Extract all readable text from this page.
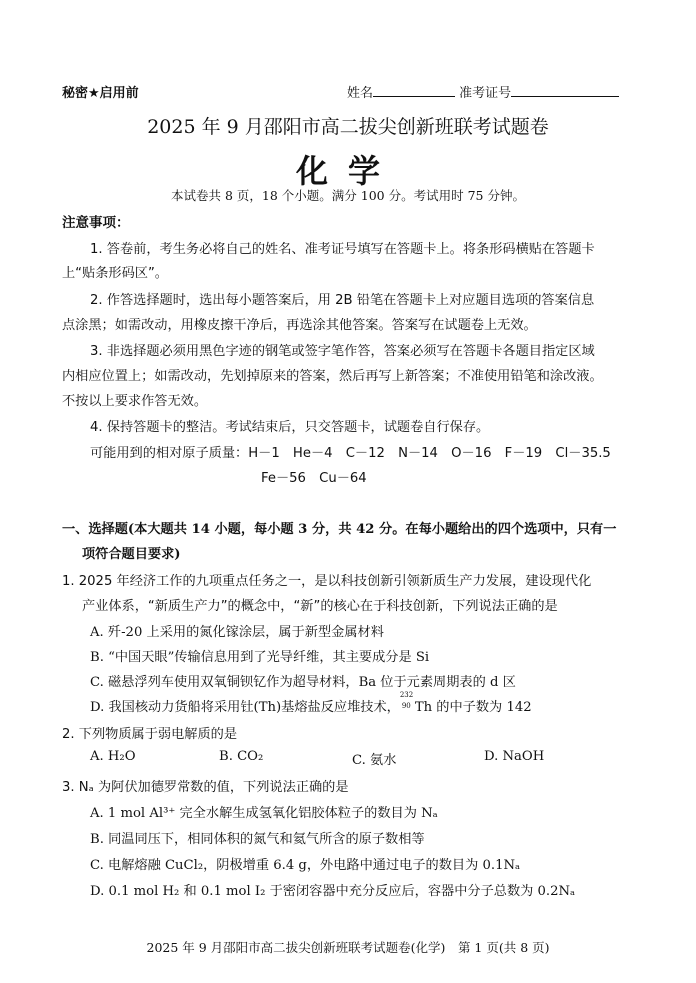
秘密★启用前	姓名	准考证号
2025 年 9 月邵阳市高二拔尖创新班联考试题卷
化学
本试卷共 8 页，18 个小题。满分 100 分。考试用时 75 分钟。
注意事项：
1. 答卷前，考生务必将自己的姓名、准考证号填写在答题卡上。将条形码横贴在答题卡
上“贴条形码区”。
2. 作答选择题时，选出每小题答案后，用 2B 铅笔在答题卡上对应题目选项的答案信息
点涂黑；如需改动，用橡皮擦干净后，再选涂其他答案。答案写在试题卷上无效。
3. 非选择题必须用黑色字迹的钢笔或签字笔作答，答案必须写在答题卡各题目指定区域
内相应位置上；如需改动，先划掉原来的答案，然后再写上新答案；不准使用铅笔和涂改液。
不按以上要求作答无效。
4. 保持答题卡的整洁。考试结束后，只交答题卡，试题卷自行保存。
可能用到的相对原子质量：H－1　He－4　C－12　N－14　O－16　F－19　Cl－35.5
Fe－56　Cu－64
一、选择题(本大题共 14 小题，每小题 3 分，共 42 分。在每小题给出的四个选项中，只有一
项符合题目要求)
1. 2025 年经济工作的九项重点任务之一，是以科技创新引领新质生产力发展，建设现代化
产业体系，“新质生产力”的概念中，“新”的核心在于科技创新，下列说法正确的是
A. 歼-20 上采用的氮化镓涂层，属于新型金属材料
B. “中国天眼”传输信息用到了光导纤维，其主要成分是 Si
C. 磁悬浮列车使用双氧铜钡钇作为超导材料，Ba 位于元素周期表的 d 区
D. 我国核动力货船将采用钍(Th)基熔盐反应堆技术，
232
90 Th 的中子数为 142
2. 下列物质属于弱电解质的是
A. H₂O	B. CO₂	C. 氨水	D. NaOH
3. Nₐ 为阿伏加德罗常数的值，下列说法正确的是
A. 1 mol Al³⁺ 完全水解生成氢氧化铝胶体粒子的数目为 Nₐ
B. 同温同压下，相同体积的氮气和氦气所含的原子数相等
C. 电解熔融 CuCl₂，阴极增重 6.4 g，外电路中通过电子的数目为 0.1Nₐ
D. 0.1 mol H₂ 和 0.1 mol I₂ 于密闭容器中充分反应后，容器中分子总数为 0.2Nₐ
2025 年 9 月邵阳市高二拔尖创新班联考试题卷(化学)　第 1 页(共 8 页)
